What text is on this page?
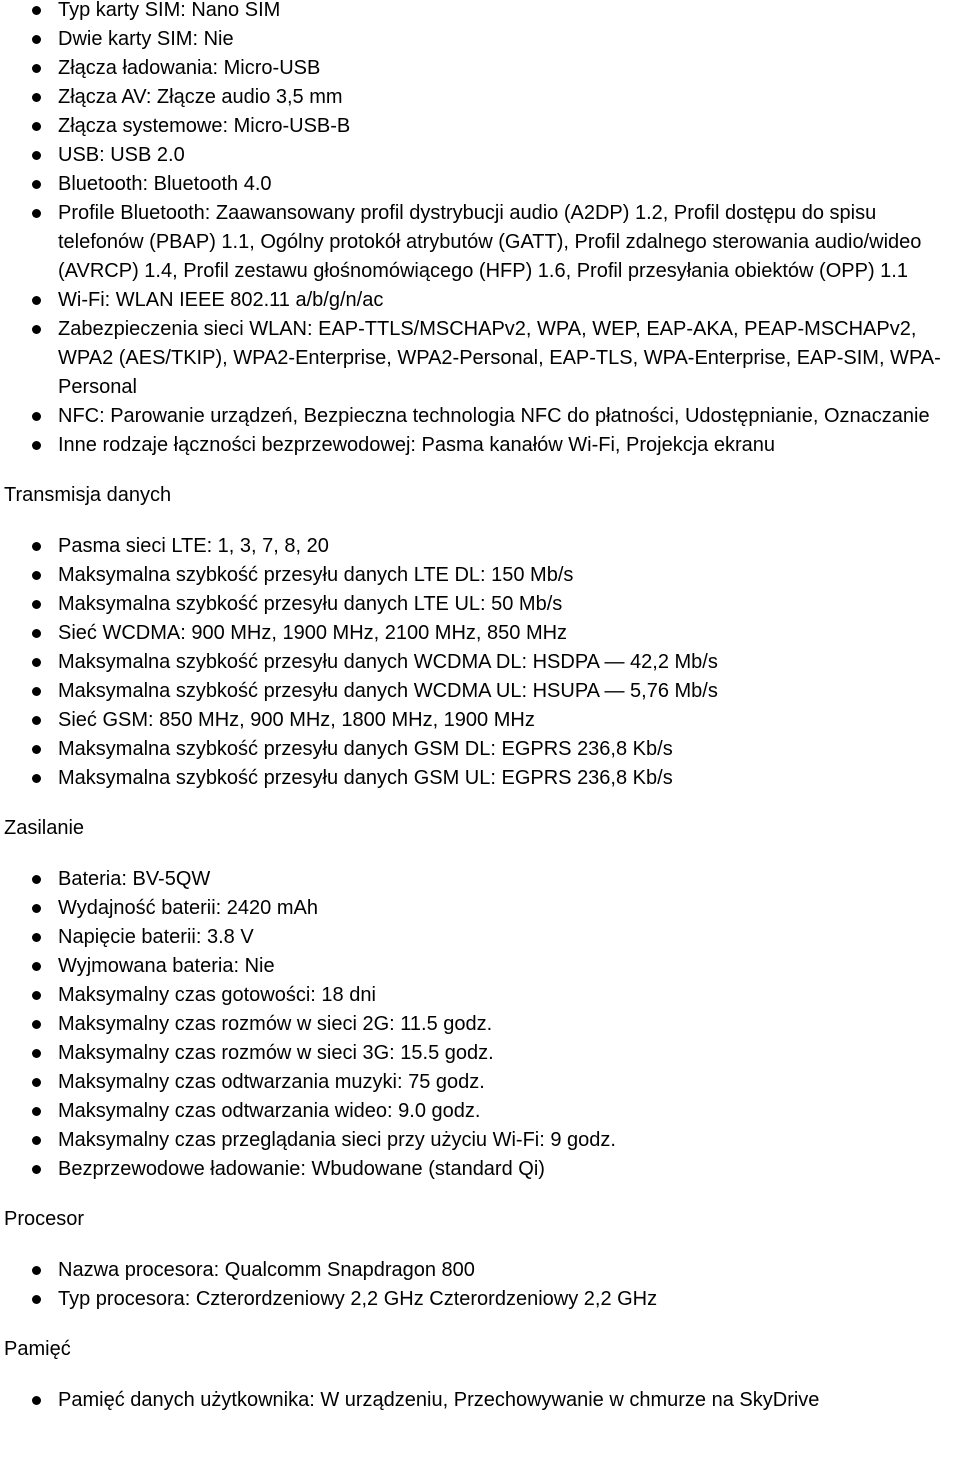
Typ karty SIM: Nano SIM
Dwie karty SIM: Nie
Złącza ładowania: Micro-USB
Złącza AV: Złącze audio 3,5 mm
Złącza systemowe: Micro-USB-B
USB: USB 2.0
Bluetooth: Bluetooth 4.0
Profile Bluetooth: Zaawansowany profil dystrybucji audio (A2DP) 1.2, Profil dostępu do spisu telefonów (PBAP) 1.1, Ogólny protokół atrybutów (GATT), Profil zdalnego sterowania audio/wideo (AVRCP) 1.4, Profil zestawu głośnomówiącego (HFP) 1.6, Profil przesyłania obiektów (OPP) 1.1
Wi-Fi: WLAN IEEE 802.11 a/b/g/n/ac
Zabezpieczenia sieci WLAN: EAP-TTLS/MSCHAPv2, WPA, WEP, EAP-AKA, PEAP-MSCHAPv2, WPA2 (AES/TKIP), WPA2-Enterprise, WPA2-Personal, EAP-TLS, WPA-Enterprise, EAP-SIM, WPA-Personal
NFC: Parowanie urządzeń, Bezpieczna technologia NFC do płatności, Udostępnianie, Oznaczanie
Inne rodzaje łączności bezprzewodowej: Pasma kanałów Wi-Fi, Projekcja ekranu
Transmisja danych
Pasma sieci LTE: 1, 3, 7, 8, 20
Maksymalna szybkość przesyłu danych LTE DL: 150 Mb/s
Maksymalna szybkość przesyłu danych LTE UL: 50 Mb/s
Sieć WCDMA: 900 MHz, 1900 MHz, 2100 MHz, 850 MHz
Maksymalna szybkość przesyłu danych WCDMA DL: HSDPA — 42,2 Mb/s
Maksymalna szybkość przesyłu danych WCDMA UL: HSUPA — 5,76 Mb/s
Sieć GSM: 850 MHz, 900 MHz, 1800 MHz, 1900 MHz
Maksymalna szybkość przesyłu danych GSM DL: EGPRS 236,8 Kb/s
Maksymalna szybkość przesyłu danych GSM UL: EGPRS 236,8 Kb/s
Zasilanie
Bateria: BV-5QW
Wydajność baterii: 2420 mAh
Napięcie baterii: 3.8 V
Wyjmowana bateria: Nie
Maksymalny czas gotowości: 18 dni
Maksymalny czas rozmów w sieci 2G: 11.5 godz.
Maksymalny czas rozmów w sieci 3G: 15.5 godz.
Maksymalny czas odtwarzania muzyki: 75 godz.
Maksymalny czas odtwarzania wideo: 9.0 godz.
Maksymalny czas przeglądania sieci przy użyciu Wi-Fi: 9 godz.
Bezprzewodowe ładowanie: Wbudowane (standard Qi)
Procesor
Nazwa procesora: Qualcomm Snapdragon 800
Typ procesora: Czterordzeniowy 2,2 GHz Czterordzeniowy 2,2 GHz
Pamięć
Pamięć danych użytkownika: W urządzeniu, Przechowywanie w chmurze na SkyDrive
